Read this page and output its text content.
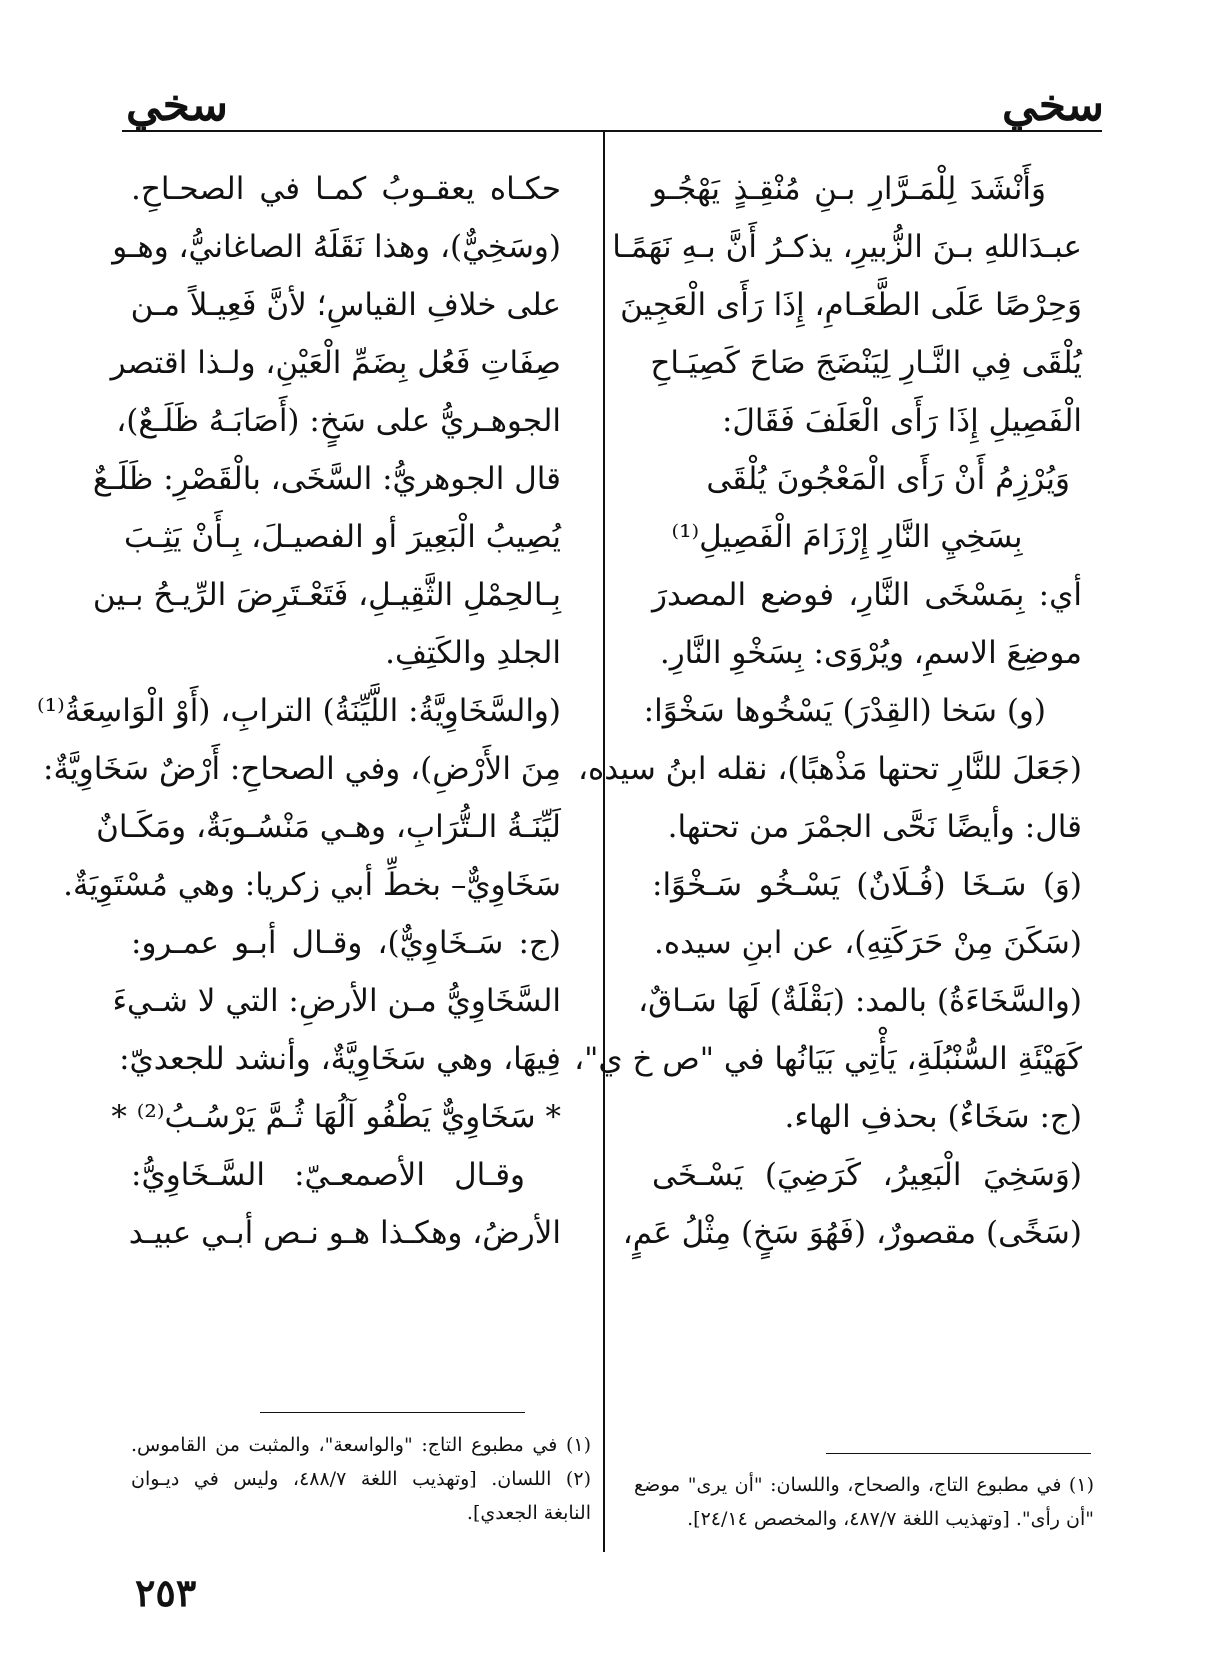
سخي
سخي
وَأَنْشَدَ لِلْمَـرَّارِ بـنِ مُنْقِـذٍ يَهْجُـو
عبـدَاللهِ بـنَ الزُّبيرِ، يذكـرُ أَنَّ بـهِ نَهَمًـا
وَحِرْصًا عَلَى الطَّعَـامِ، إِذَا رَأَى الْعَجِينَ
يُلْقَى فِي النَّـارِ لِيَنْضَجَ صَاحَ كَصِيَـاحِ
الْفَصِيلِ إِذَا رَأَى الْعَلَفَ فَقَالَ:
وَيُرْزِمُ أَنْ رَأَى الْمَعْجُونَ يُلْقَى
بِسَخِيِ النَّارِ إِرْزَامَ الْفَصِيلِ⁽¹⁾
أي: بِمَسْخَى النَّارِ، فوضع المصدرَ
موضِعَ الاسمِ، ويُرْوَى: بِسَخْوِ النَّارِ.
(و) سَخا (القِدْرَ) يَسْخُوها سَخْوًا:
(جَعَلَ للنَّارِ تحتها مَذْهبًا)، نقله ابنُ سيده،
قال: وأيضًا نَحَّى الجمْرَ من تحتها.
(وَ) سَـخَا (فُـلَانٌ) يَسْـخُو سَـخْوًا:
(سَكَنَ مِنْ حَرَكَتِهِ)، عن ابنِ سيده.
(والسَّخَاءَةُ) بالمد: (بَقْلَةٌ) لَهَا سَـاقٌ،
كَهَيْئَةِ السُّنْبُلَةِ، يَأْتِي بَيَانُها في "ص خ ي"،
(ج: سَخَاءٌ) بحذفِ الهاء.
(وَسَخِيَ الْبَعِيرُ، كَرَضِيَ) يَسْـخَى
(سَخًى) مقصورٌ، (فَهُوَ سَخٍ) مِثْلُ عَمٍ،
حكـاه يعقـوبُ كمـا في الصحـاحِ.
(وسَخِيٌّ)، وهذا نَقَلَهُ الصاغانيُّ، وهـو
على خلافِ القياسِ؛ لأنَّ فَعِيـلاً مـن
صِفَاتِ فَعُل بِضَمِّ الْعَيْنِ، ولـذا اقتصر
الجوهـريُّ على سَخٍ: (أَصَابَـهُ ظَلَـعٌ)،
قال الجوهريُّ: السَّخَى، بالْقَصْرِ: ظَلَـعٌ
يُصِيبُ الْبَعِيرَ أو الفصيـلَ، بِـأَنْ يَثِـبَ
بِـالحِمْلِ الثَّقِيـلِ، فَتَعْـتَرِضَ الرِّيـحُ بـين
الجلدِ والكَتِفِ.
(والسَّخَاوِيَّةُ: اللَّيِّنَةُ) الترابِ، (أَوْ الْوَاسِعَةُ⁽¹⁾
مِنَ الأَرْضِ)، وفي الصحاحِ: أَرْضٌ سَخَاوِيَّةٌ:
لَيِّنَـةُ الـتُّرَابِ، وهـي مَنْسُـوبَةٌ، ومَكَـانٌ
سَخَاوِيٌّ– بخطِّ أبي زكريا: وهي مُسْتَوِيَةٌ.
(ج: سَـخَاوِيٌّ)، وقـال أبـو عمـرو:
السَّخَاوِيُّ مـن الأرضِ: التي لا شـيءَ
فِيهَا، وهي سَخَاوِيَّةٌ، وأنشد للجعديّ:
* سَخَاوِيٌّ يَطْفُو آلُهَا ثُـمَّ يَرْسُـبُ⁽²⁾ *
وقـال الأصمعـيّ: السَّـخَاوِيُّ:
الأرضُ، وهكـذا هـو نـص أبـي عبيـد
(١) في مطبوع التاج، والصحاح، واللسان: "أن يرى" موضع
"أن رأى". [وتهذيب اللغة ٤٨٧/٧، والمخصص ٢٤/١٤].
(١) في مطبوع التاج: "والواسعة"، والمثبت من القاموس.
(٢) اللسان. [وتهذيب اللغة ٤٨٨/٧، وليس في ديـوان
النابغة الجعدي].
٢٥٣
